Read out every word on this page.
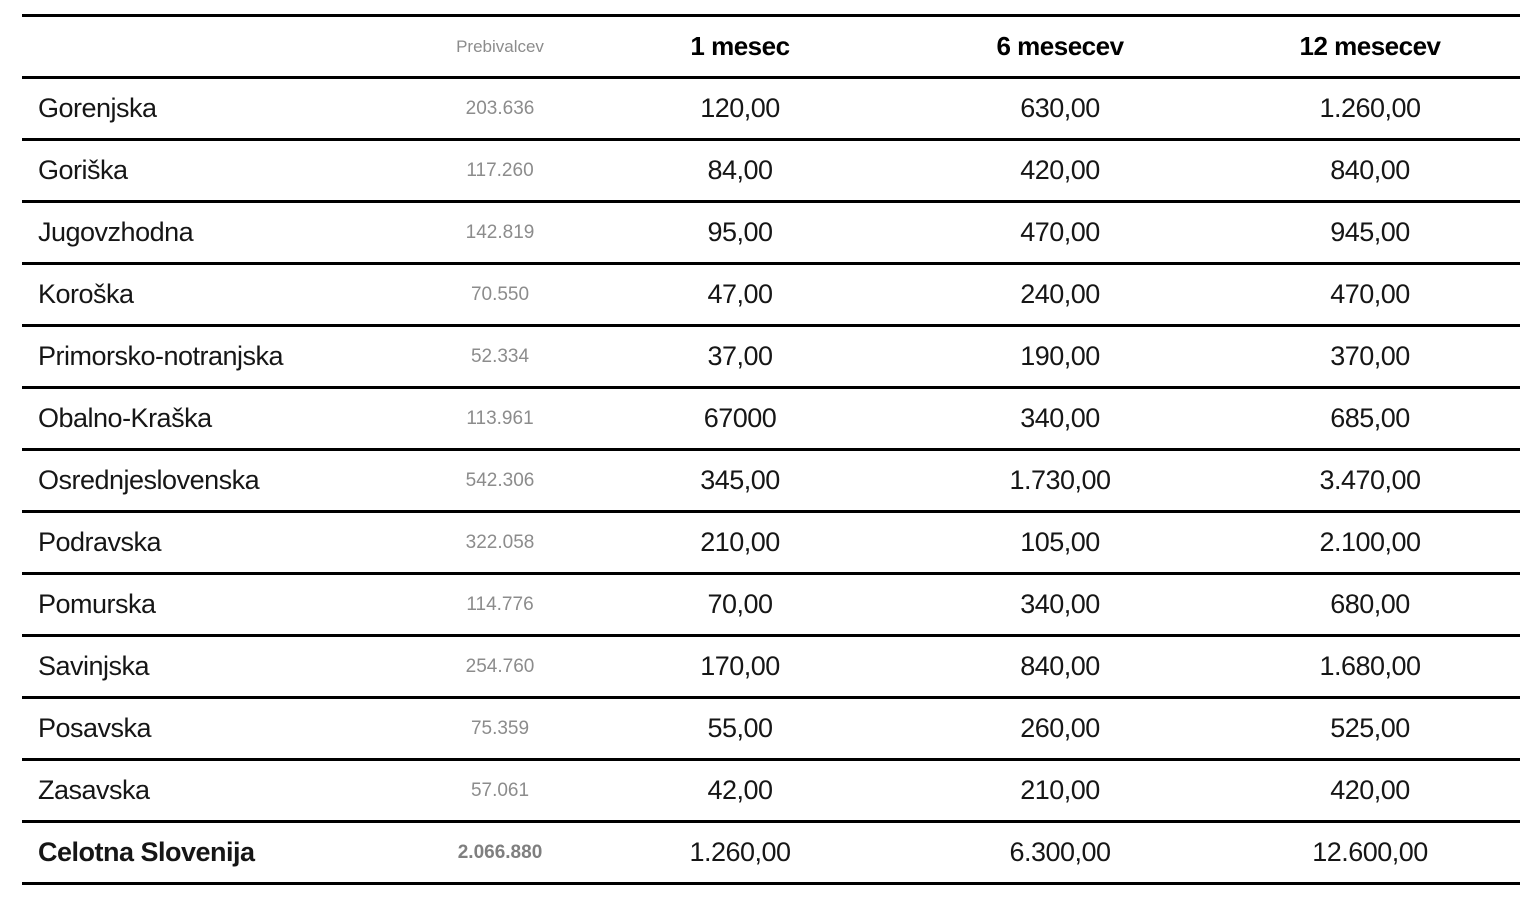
	Prebivalcev	1 mesec	6 mesecev	12 mesecev
Gorenjska	203.636	120,00	630,00	1.260,00
Goriška	117.260	84,00	420,00	840,00
Jugovzhodna	142.819	95,00	470,00	945,00
Koroška	70.550	47,00	240,00	470,00
Primorsko-notranjska	52.334	37,00	190,00	370,00
Obalno-Kraška	113.961	67000	340,00	685,00
Osrednjeslovenska	542.306	345,00	1.730,00	3.470,00
Podravska	322.058	210,00	105,00	2.100,00
Pomurska	114.776	70,00	340,00	680,00
Savinjska	254.760	170,00	840,00	1.680,00
Posavska	75.359	55,00	260,00	525,00
Zasavska	57.061	42,00	210,00	420,00
Celotna Slovenija	2.066.880	1.260,00	6.300,00	12.600,00
